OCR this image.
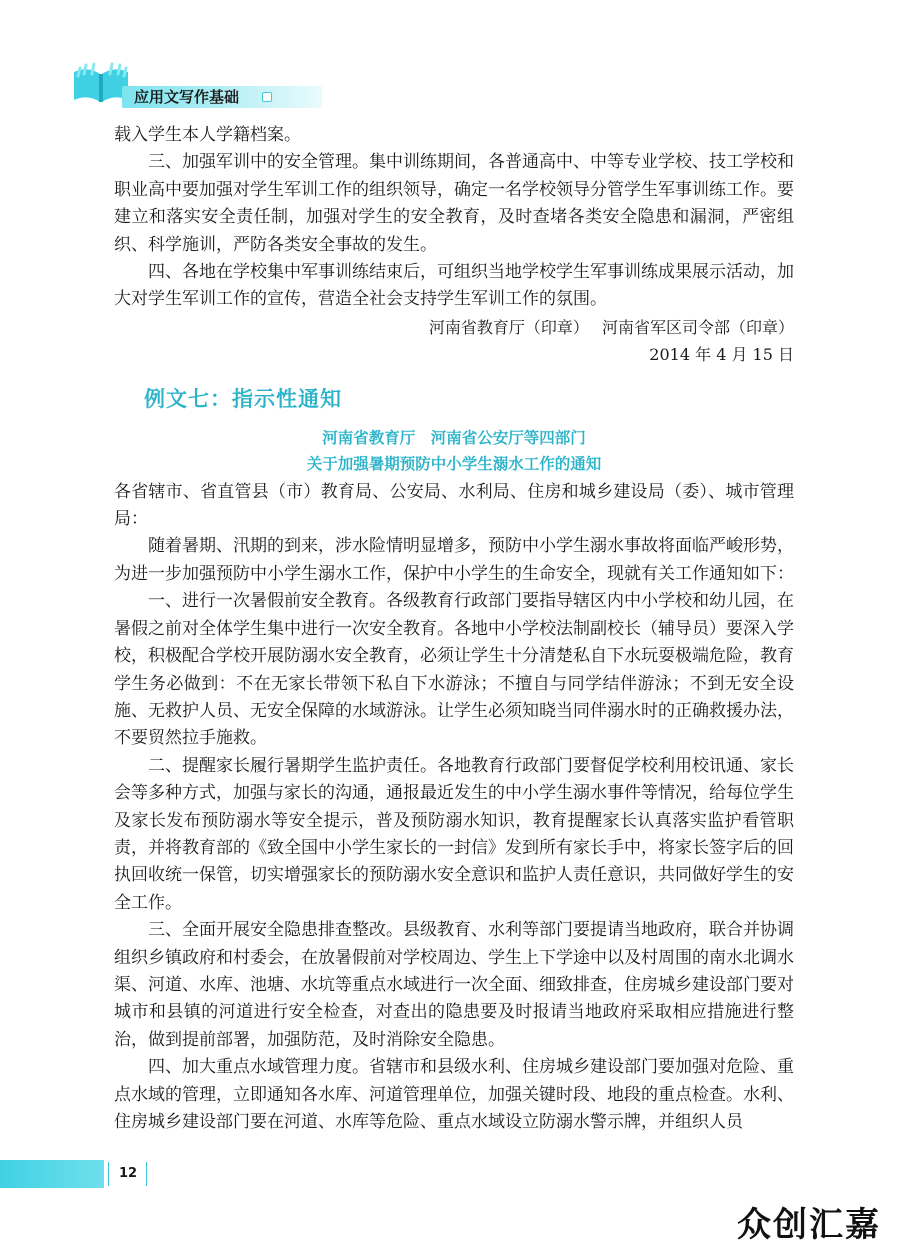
应用文写作基础

载入学生本人学籍档案。

三、加强军训中的安全管理。集中训练期间，各普通高中、中等专业学校、技工学校和职业高中要加强对学生军训工作的组织领导，确定一名学校领导分管学生军事训练工作。要建立和落实安全责任制，加强对学生的安全教育，及时查堵各类安全隐患和漏洞，严密组织、科学施训，严防各类安全事故的发生。

四、各地在学校集中军事训练结束后，可组织当地学校学生军事训练成果展示活动，加大对学生军训工作的宣传，营造全社会支持学生军训工作的氛围。

河南省教育厅（印章）　 河南省军区司令部（印章）

2014 年 4 月 15 日

例文七：指示性通知

河南省教育厅　河南省公安厅等四部门

关于加强暑期预防中小学生溺水工作的通知

各省辖市、省直管县（市）教育局、公安局、水利局、住房和城乡建设局（委）、城市管理局：

随着暑期、汛期的到来，涉水险情明显增多，预防中小学生溺水事故将面临严峻形势，为进一步加强预防中小学生溺水工作，保护中小学生的生命安全，现就有关工作通知如下：

一、进行一次暑假前安全教育。各级教育行政部门要指导辖区内中小学校和幼儿园，在暑假之前对全体学生集中进行一次安全教育。各地中小学校法制副校长（辅导员）要深入学校，积极配合学校开展防溺水安全教育，必须让学生十分清楚私自下水玩耍极端危险，教育学生务必做到：不在无家长带领下私自下水游泳；不擅自与同学结伴游泳；不到无安全设施、无救护人员、无安全保障的水域游泳。让学生必须知晓当同伴溺水时的正确救援办法，不要贸然拉手施救。

二、提醒家长履行暑期学生监护责任。各地教育行政部门要督促学校利用校讯通、家长会等多种方式，加强与家长的沟通，通报最近发生的中小学生溺水事件等情况，给每位学生及家长发布预防溺水等安全提示，普及预防溺水知识，教育提醒家长认真落实监护看管职责，并将教育部的《致全国中小学生家长的一封信》发到所有家长手中，将家长签字后的回执回收统一保管，切实增强家长的预防溺水安全意识和监护人责任意识，共同做好学生的安全工作。

三、全面开展安全隐患排查整改。县级教育、水利等部门要提请当地政府，联合并协调组织乡镇政府和村委会，在放暑假前对学校周边、学生上下学途中以及村周围的南水北调水渠、河道、水库、池塘、水坑等重点水域进行一次全面、细致排查，住房城乡建设部门要对城市和县镇的河道进行安全检查，对查出的隐患要及时报请当地政府采取相应措施进行整治，做到提前部署，加强防范，及时消除安全隐患。

四、加大重点水域管理力度。省辖市和县级水利、住房城乡建设部门要加强对危险、重点水域的管理，立即通知各水库、河道管理单位，加强关键时段、地段的重点检查。水利、住房城乡建设部门要在河道、水库等危险、重点水域设立防溺水警示牌，并组织人员

12
众创汇嘉
